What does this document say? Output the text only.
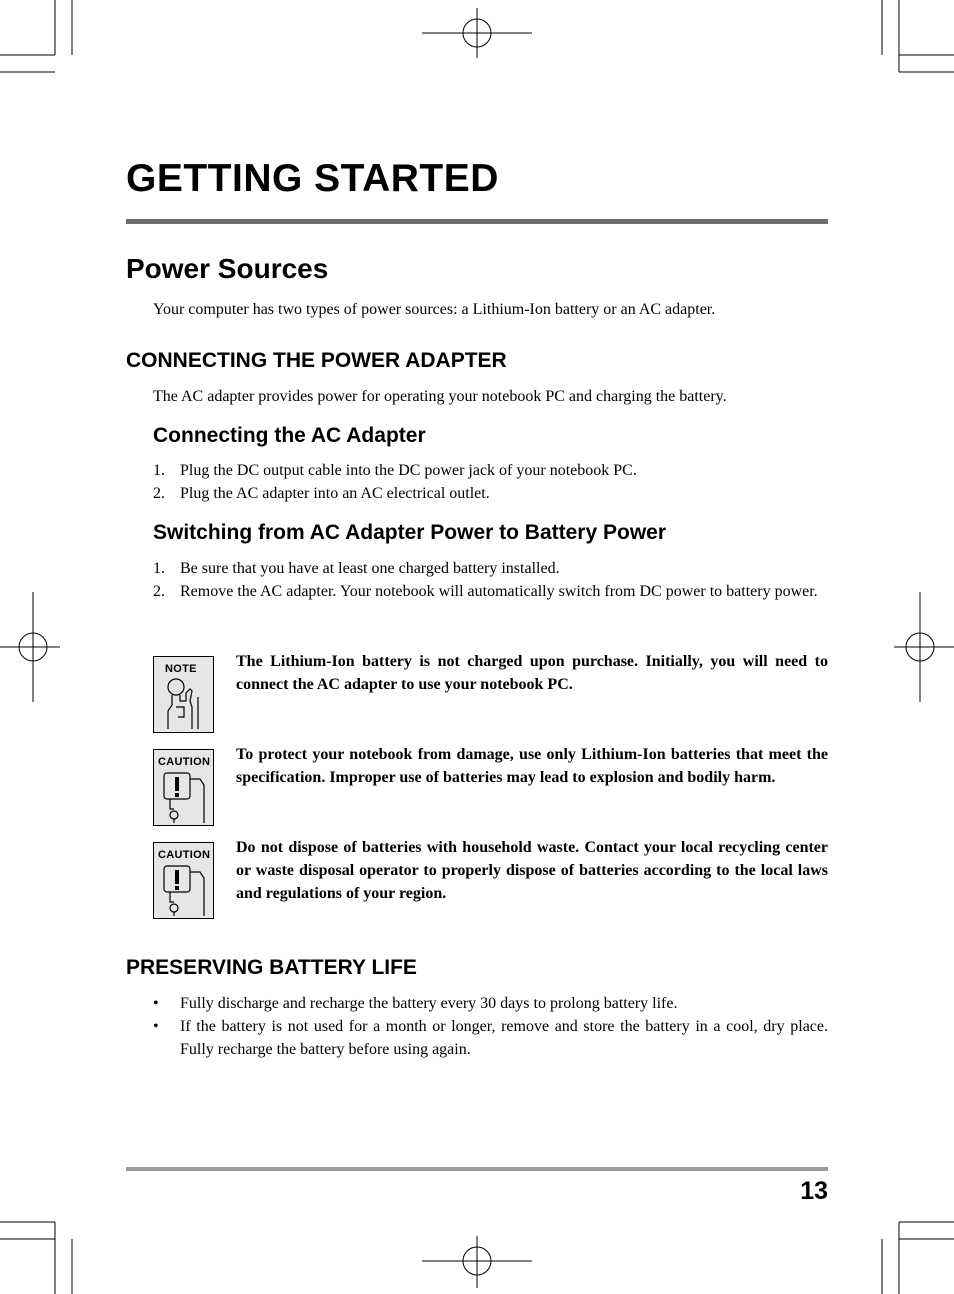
GETTING STARTED
Power Sources
Your computer has two types of power sources: a Lithium-Ion battery or an AC adapter.
CONNECTING THE POWER ADAPTER
The AC adapter provides power for operating your notebook PC and charging the battery.
Connecting the AC Adapter
1. Plug the DC output cable into the DC power jack of your notebook PC.
2. Plug the AC adapter into an AC electrical outlet.
Switching from AC Adapter Power to Battery Power
1. Be sure that you have at least one charged battery installed.
2. Remove the AC adapter. Your notebook will automatically switch from DC power to battery power.
NOTE	The Lithium-Ion battery is not charged upon purchase. Initially, you will need to connect the AC adapter to use your notebook PC.
CAUTION To protect your notebook from damage, use only Lithium-Ion batteries that meet the specification. Improper use of batteries may lead to explosion and bodily harm.
CAUTION Do not dispose of batteries with household waste. Contact your local recycling center or waste disposal operator to properly dispose of batteries according to the local laws and regulations of your region.
PRESERVING BATTERY LIFE
• Fully discharge and recharge the battery every 30 days to prolong battery life.
• If the battery is not used for a month or longer, remove and store the battery in a cool, dry place. Fully recharge the battery before using again.
13
